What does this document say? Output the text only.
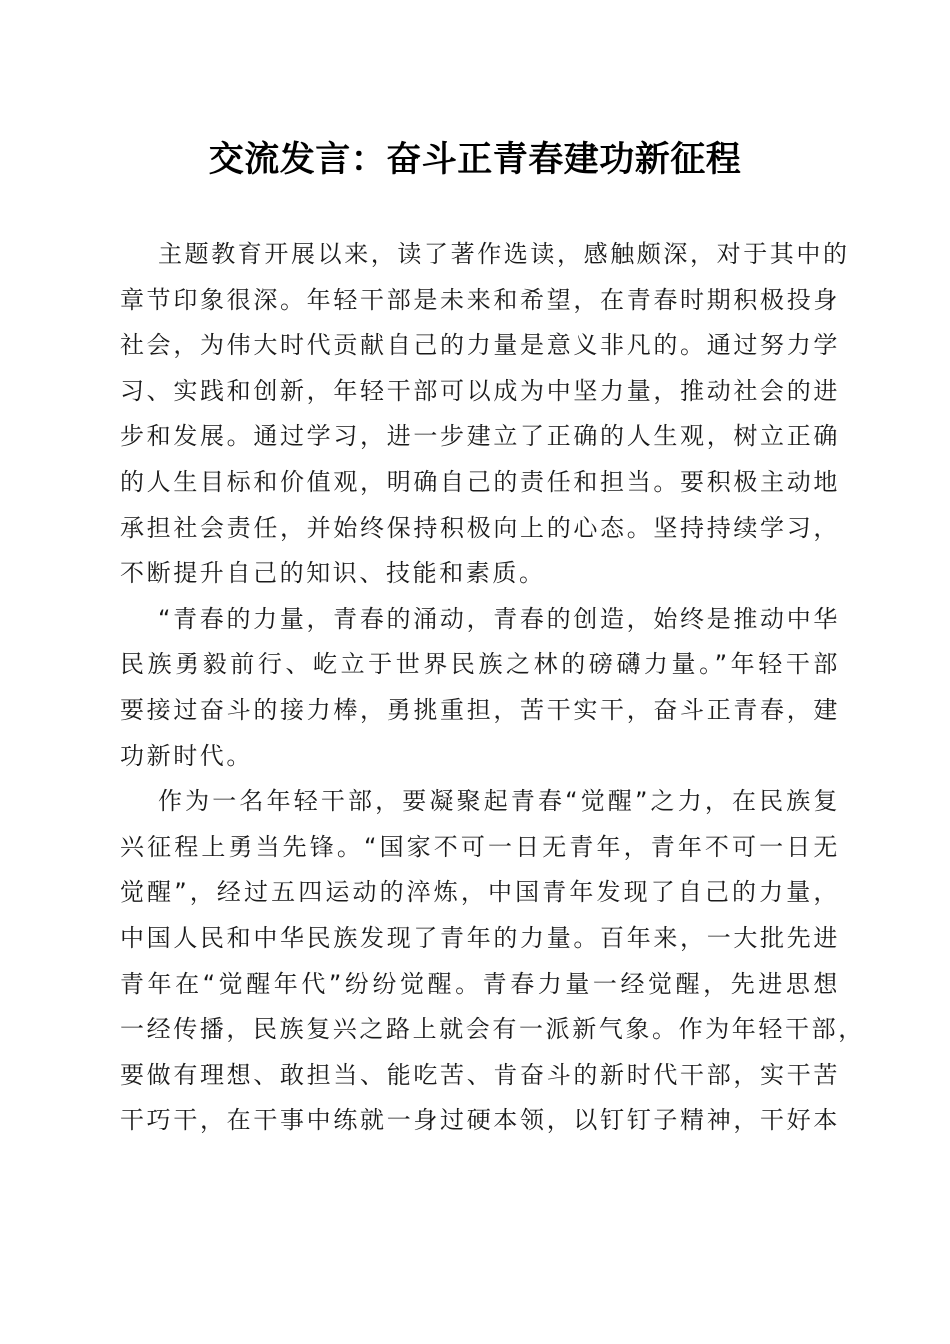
交流发言：奋斗正青春建功新征程
主题教育开展以来，读了著作选读，感触颇深，对于其中的
章节印象很深。年轻干部是未来和希望，在青春时期积极投身
社会，为伟大时代贡献自己的力量是意义非凡的。通过努力学
习、实践和创新，年轻干部可以成为中坚力量，推动社会的进
步和发展。通过学习，进一步建立了正确的人生观，树立正确
的人生目标和价值观，明确自己的责任和担当。要积极主动地
承担社会责任，并始终保持积极向上的心态。坚持持续学习，
不断提升自己的知识、技能和素质。
“青春的力量，青春的涌动，青春的创造，始终是推动中华
民族勇毅前行、屹立于世界民族之林的磅礴力量。”年轻干部
要接过奋斗的接力棒，勇挑重担，苦干实干，奋斗正青春，建
功新时代。
作为一名年轻干部，要凝聚起青春“觉醒”之力，在民族复
兴征程上勇当先锋。“国家不可一日无青年，青年不可一日无
觉醒”，经过五四运动的淬炼，中国青年发现了自己的力量，
中国人民和中华民族发现了青年的力量。百年来，一大批先进
青年在“觉醒年代”纷纷觉醒。青春力量一经觉醒，先进思想
一经传播，民族复兴之路上就会有一派新气象。作为年轻干部，
要做有理想、敢担当、能吃苦、肯奋斗的新时代干部，实干苦
干巧干，在干事中练就一身过硬本领，以钉钉子精神，干好本
